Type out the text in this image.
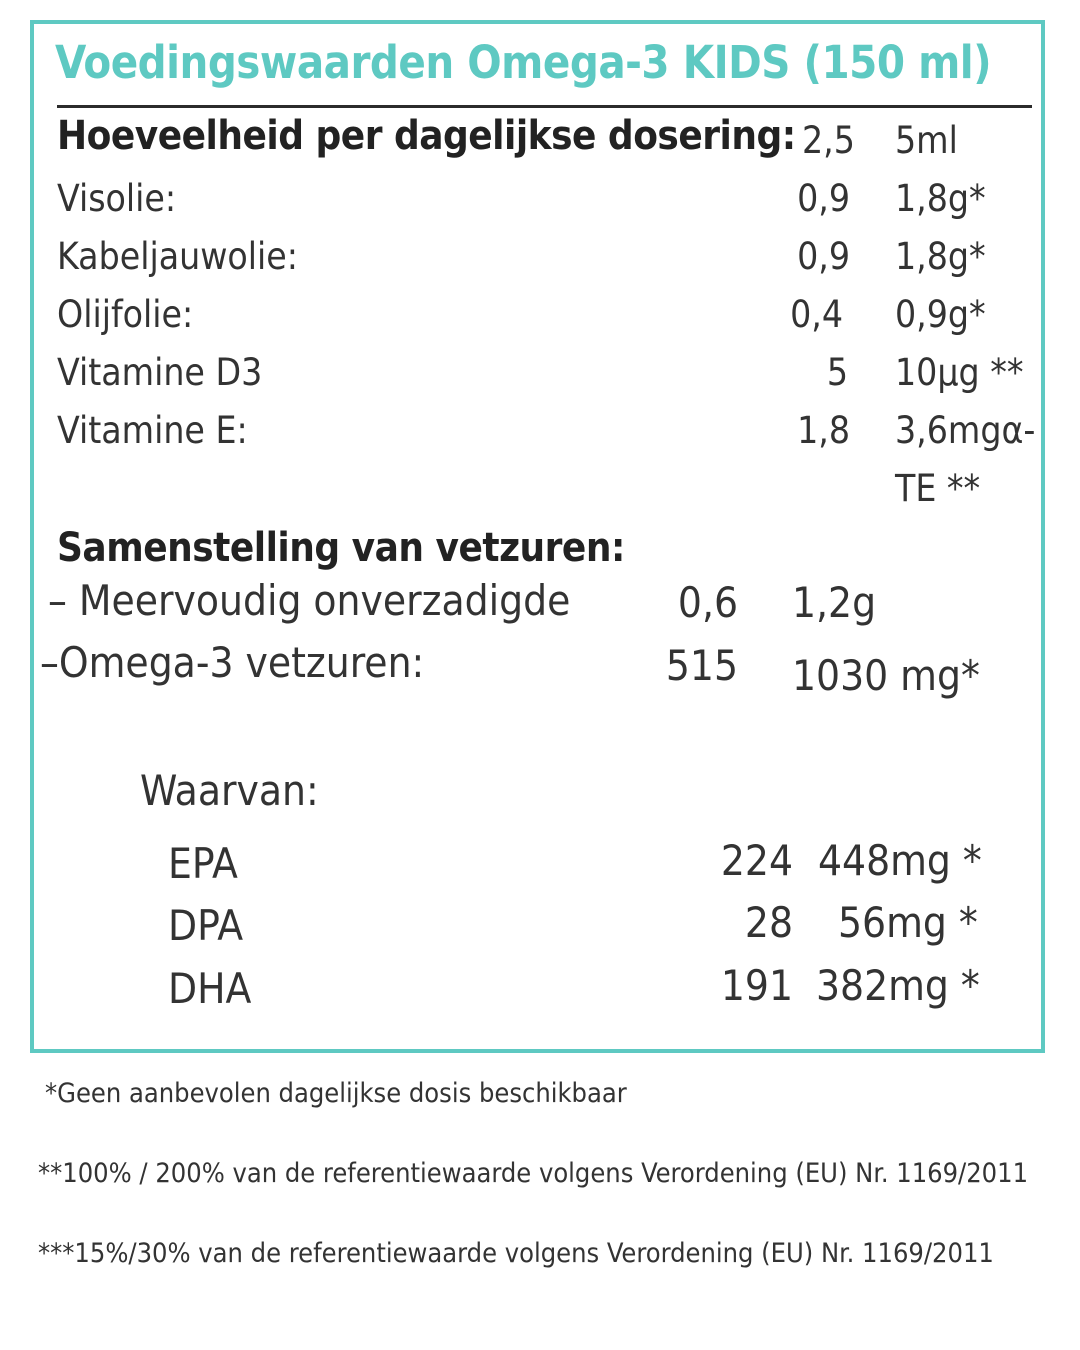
Voedingswaarden Omega-3 KIDS (150 ml)
Hoeveelheid per dagelijkse dosering: 2,5 5ml
Visolie:	0,9 1,8g*
Kabeljauwolie:	0,9 1,8g*
Olijfolie:	0,4 0,9g*
Vitamine D3	5 10µg **
Vitamine E:	1,8 3,6mgα-
TE **
Samenstelling van vetzuren:
– Meervoudig onverzadigde	0,6 1,2g
–Omega-3 vetzuren:	515 1030 mg*
Waarvan:
EPA	224 448mg *
DPA	28 56mg *
DHA	191 382mg *
*Geen aanbevolen dagelijkse dosis beschikbaar
**100% / 200% van de referentiewaarde volgens Verordening (EU) Nr. 1169/2011
***15%/30% van de referentiewaarde volgens Verordening (EU) Nr. 1169/2011
